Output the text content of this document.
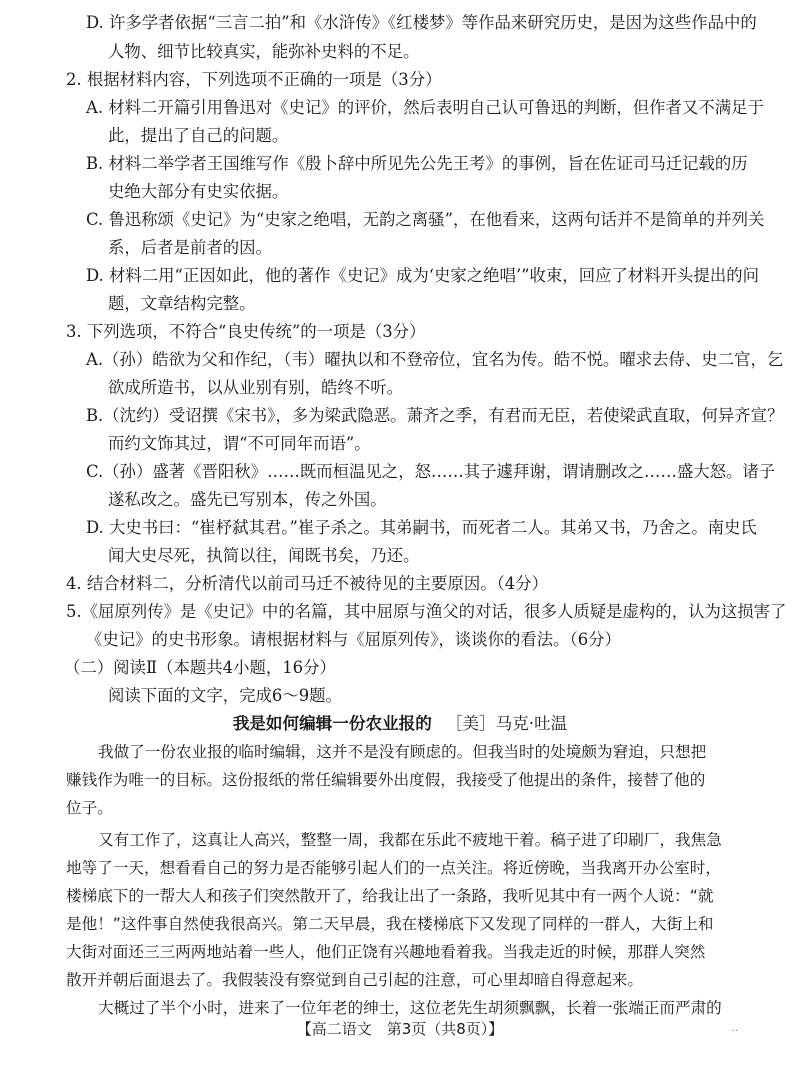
D. 许多学者依据“三言二拍”和《水浒传》《红楼梦》等作品来研究历史，是因为这些作品中的
人物、细节比较真实，能弥补史料的不足。
2. 根据材料内容，下列选项不正确的一项是（3分）
A. 材料二开篇引用鲁迅对《史记》的评价，然后表明自己认可鲁迅的判断，但作者又不满足于
此，提出了自己的问题。
B. 材料二举学者王国维写作《殷卜辞中所见先公先王考》的事例，旨在佐证司马迁记载的历
史绝大部分有史实依据。
C. 鲁迅称颂《史记》为“史家之绝唱，无韵之离骚”，在他看来，这两句话并不是简单的并列关
系，后者是前者的因。
D. 材料二用“正因如此，他的著作《史记》成为‘史家之绝唱’”收束，回应了材料开头提出的问
题，文章结构完整。
3. 下列选项，不符合“良史传统”的一项是（3分）
A.（孙）皓欲为父和作纪，（韦）曜执以和不登帝位，宜名为传。皓不悦。曜求去侍、史二官，乞
欲成所造书，以从业别有别，皓终不听。
B.（沈约）受诏撰《宋书》，多为梁武隐恶。萧齐之季，有君而无臣，若使梁武直取，何异齐宣？
而约文饰其过，谓“不可同年而语”。
C.（孙）盛著《晋阳秋》……既而桓温见之，怒……其子遽拜谢，谓请删改之……盛大怒。诸子
遂私改之。盛先已写别本，传之外国。
D. 大史书曰：“崔杼弑其君。”崔子杀之。其弟嗣书，而死者二人。其弟又书，乃舍之。南史氏
闻大史尽死，执简以往，闻既书矣，乃还。
4. 结合材料二，分析清代以前司马迁不被待见的主要原因。（4分）
5.《屈原列传》是《史记》中的名篇，其中屈原与渔父的对话，很多人质疑是虚构的，认为这损害了
《史记》的史书形象。请根据材料与《屈原列传》，谈谈你的看法。（6分）
（二）阅读Ⅱ（本题共4小题，16分）
阅读下面的文字，完成6～9题。
我是如何编辑一份农业报的 ［美］马克·吐温
我做了一份农业报的临时编辑，这并不是没有顾虑的。但我当时的处境颇为窘迫，只想把
赚钱作为唯一的目标。这份报纸的常任编辑要外出度假，我接受了他提出的条件，接替了他的
位子。
又有工作了，这真让人高兴，整整一周，我都在乐此不疲地干着。稿子进了印刷厂，我焦急
地等了一天，想看看自己的努力是否能够引起人们的一点关注。将近傍晚，当我离开办公室时，
楼梯底下的一帮大人和孩子们突然散开了，给我让出了一条路，我听见其中有一两个人说：“就
是他！”这件事自然使我很高兴。第二天早晨，我在楼梯底下又发现了同样的一群人，大街上和
大街对面还三三两两地站着一些人，他们正饶有兴趣地看着我。当我走近的时候，那群人突然
散开并朝后面退去了。我假装没有察觉到自己引起的注意，可心里却暗自得意起来。
大概过了半个小时，进来了一位年老的绅士，这位老先生胡须飘飘，长着一张端正而严肃的
【高二语文　第3页（共8页）】	··
